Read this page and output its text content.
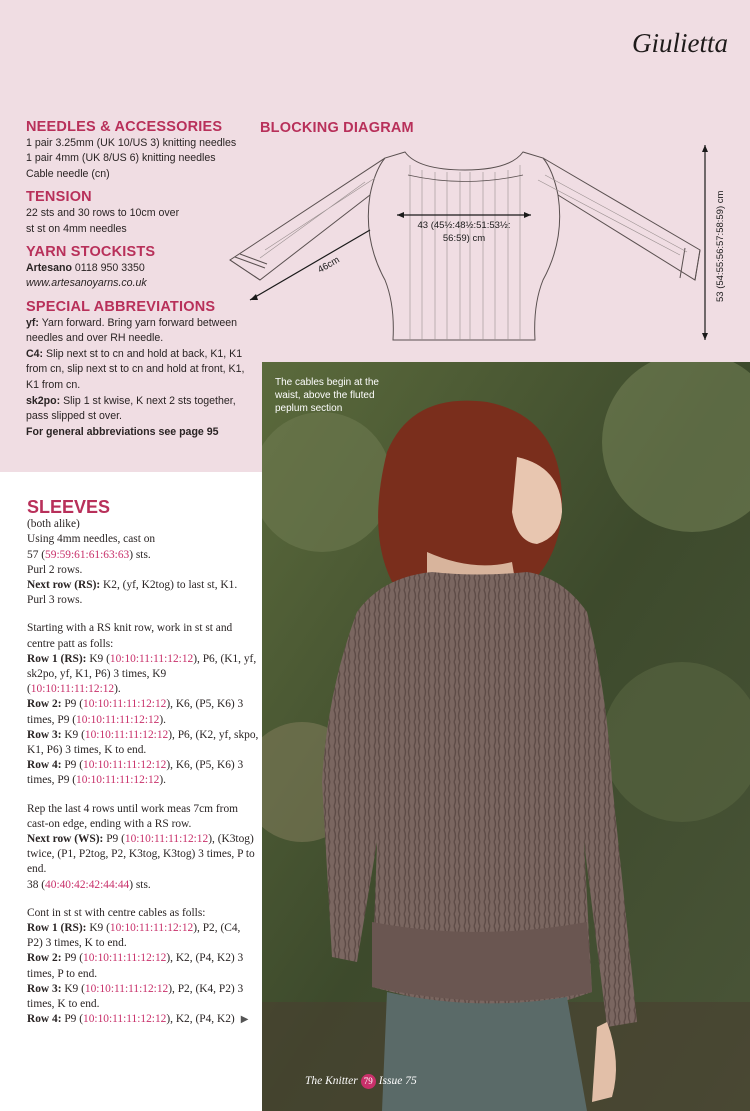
Giulietta
NEEDLES & ACCESSORIES

1 pair 3.25mm (UK 10/US 3) knitting needles

1 pair 4mm (UK 8/US 6) knitting needles

Cable needle (cn)

TENSION

22 sts and 30 rows to 10cm over

st st on 4mm needles

YARN STOCKISTS

Artesano 0118 950 3350

www.artesanoyarns.co.uk

SPECIAL ABBREVIATIONS

yf: Yarn forward. Bring yarn forward between needles and over RH needle.

C4: Slip next st to cn and hold at back, K1, K1 from cn, slip next st to cn and hold at front, K1, K1 from cn.

sk2po: Slip 1 st kwise, K next 2 sts together, pass slipped st over.

For general abbreviations see page 95

BLOCKING DIAGRAM
43 (45½:48½:51:53½:
56:59) cm
46cm	53 (54:55:56:57:58:59) cm
The cables begin at the waist, above the fluted peplum section
SLEEVES

(both alike)

Using 4mm needles, cast on

57 (59:59:61:61:63:63) sts.

Purl 2 rows.

Next row (RS): K2, (yf, K2tog) to last st, K1.

Purl 3 rows.

Starting with a RS knit row, work in st st and centre patt as folls:

Row 1 (RS): K9 (10:10:11:11:12:12), P6, (K1, yf, sk2po, yf, K1, P6) 3 times, K9 (10:10:11:11:12:12).

Row 2: P9 (10:10:11:11:12:12), K6, (P5, K6) 3 times, P9 (10:10:11:11:12:12).

Row 3: K9 (10:10:11:11:12:12), P6, (K2, yf, skpo, K1, P6) 3 times, K to end.

Row 4: P9 (10:10:11:11:12:12), K6, (P5, K6) 3 times, P9 (10:10:11:11:12:12).

Rep the last 4 rows until work meas 7cm from cast-on edge, ending with a RS row.

Next row (WS): P9 (10:10:11:11:12:12), (K3tog) twice, (P1, P2tog, P2, K3tog, K3tog) 3 times, P to end.

38 (40:40:42:42:44:44) sts.

Cont in st st with centre cables as folls:

Row 1 (RS): K9 (10:10:11:11:12:12), P2, (C4, P2) 3 times, K to end.

Row 2: P9 (10:10:11:11:12:12), K2, (P4, K2) 3 times, P to end.

Row 3: K9 (10:10:11:11:12:12), P2, (K4, P2) 3 times, K to end.

Row 4: P9 (10:10:11:11:12:12), K2, (P4, K2) ▶

The Knitter 79 Issue 75
